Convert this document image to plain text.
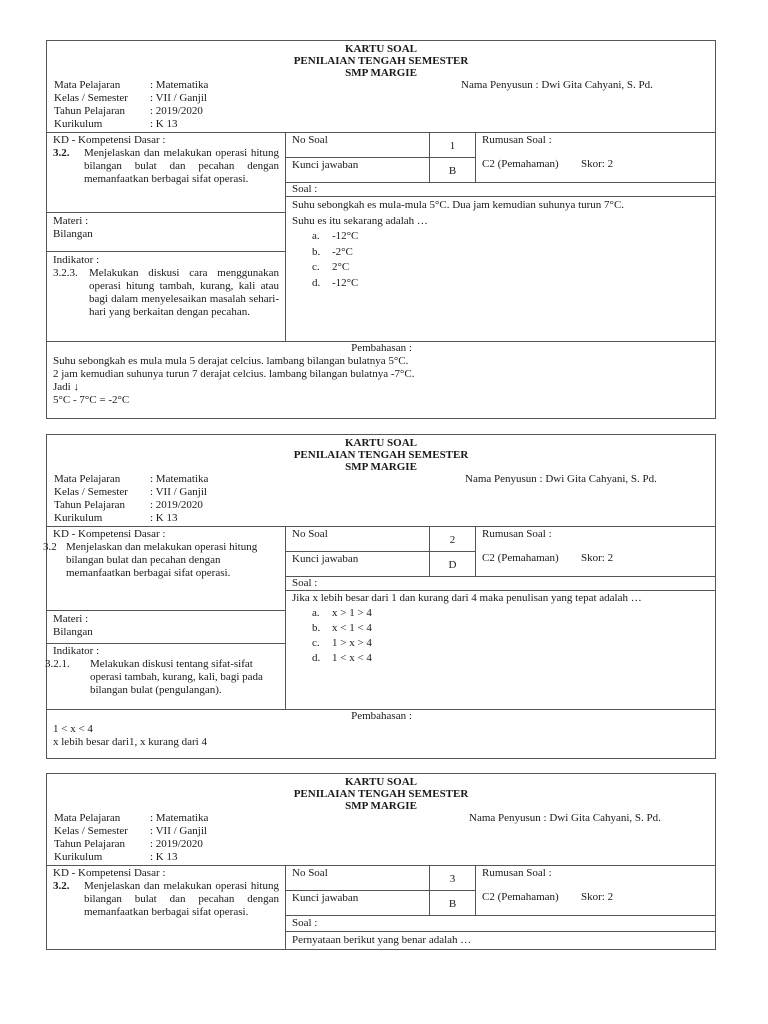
KARTU SOAL
PENILAIAN TENGAH SEMESTER
SMP MARGIE
Mata Pelajaran	: Matematika
Kelas / Semester	: VII / Ganjil
Tahun Pelajaran	: 2019/2020
Kurikulum	: K 13
Nama Penyusun : Dwi Gita Cahyani, S. Pd.
KD - Kompetensi Dasar :
3.2.	Menjelaskan dan melakukan operasi hitung bilangan bulat dan pecahan dengan memanfaatkan berbagai sifat operasi.
Materi :
Bilangan
Indikator :
3.2.3.	Melakukan diskusi cara menggunakan operasi hitung tambah, kurang, kali atau bagi dalam menyelesaikan masalah sehari-hari yang berkaitan dengan pecahan.
No Soal	1
Kunci jawaban	B
Rumusan Soal :
C2 (Pemahaman)	Skor: 2
Soal :
Suhu sebongkah es mula-mula 5°C. Dua jam kemudian suhunya turun 7°C.
Suhu es itu sekarang adalah …
a.	-12°C
b.	-2°C
c.	2°C
d.	-12°C
Pembahasan :
Suhu sebongkah es mula mula 5 derajat celcius. lambang bilangan bulatnya 5°C.
2 jam kemudian suhunya turun 7 derajat celcius. lambang bilangan bulatnya -7°C.
Jadi ↓
5°C - 7°C = -2°C
KARTU SOAL
PENILAIAN TENGAH SEMESTER
SMP MARGIE
Mata Pelajaran	: Matematika
Kelas / Semester	: VII / Ganjil
Tahun Pelajaran	: 2019/2020
Kurikulum	: K 13
Nama Penyusun : Dwi Gita Cahyani, S. Pd.
KD - Kompetensi Dasar :
3.2 Menjelaskan dan melakukan operasi hitung bilangan bulat dan pecahan dengan memanfaatkan berbagai sifat operasi.
Materi :
Bilangan
Indikator :
3.2.1.	Melakukan diskusi tentang sifat-sifat operasi tambah, kurang, kali, bagi pada bilangan bulat (pengulangan).
No Soal	2
Kunci jawaban	D
Rumusan Soal :
C2 (Pemahaman)	Skor: 2
Soal :
Jika x lebih besar dari 1 dan kurang dari 4 maka penulisan yang tepat adalah …
a.	x > 1 > 4
b.	x < 1 < 4
c.	1 > x > 4
d.	1 < x < 4
Pembahasan :
1 < x < 4
x lebih besar dari1, x kurang dari 4
KARTU SOAL
PENILAIAN TENGAH SEMESTER
SMP MARGIE
Mata Pelajaran	: Matematika
Kelas / Semester	: VII / Ganjil
Tahun Pelajaran	: 2019/2020
Kurikulum	: K 13
Nama Penyusun : Dwi Gita Cahyani, S. Pd.
KD - Kompetensi Dasar :
3.2.	Menjelaskan dan melakukan operasi hitung bilangan bulat dan pecahan dengan memanfaatkan berbagai sifat operasi.
No Soal	3
Kunci jawaban	B
Rumusan Soal :
C2 (Pemahaman)	Skor: 2
Soal :
Pernyataan berikut yang benar adalah …
